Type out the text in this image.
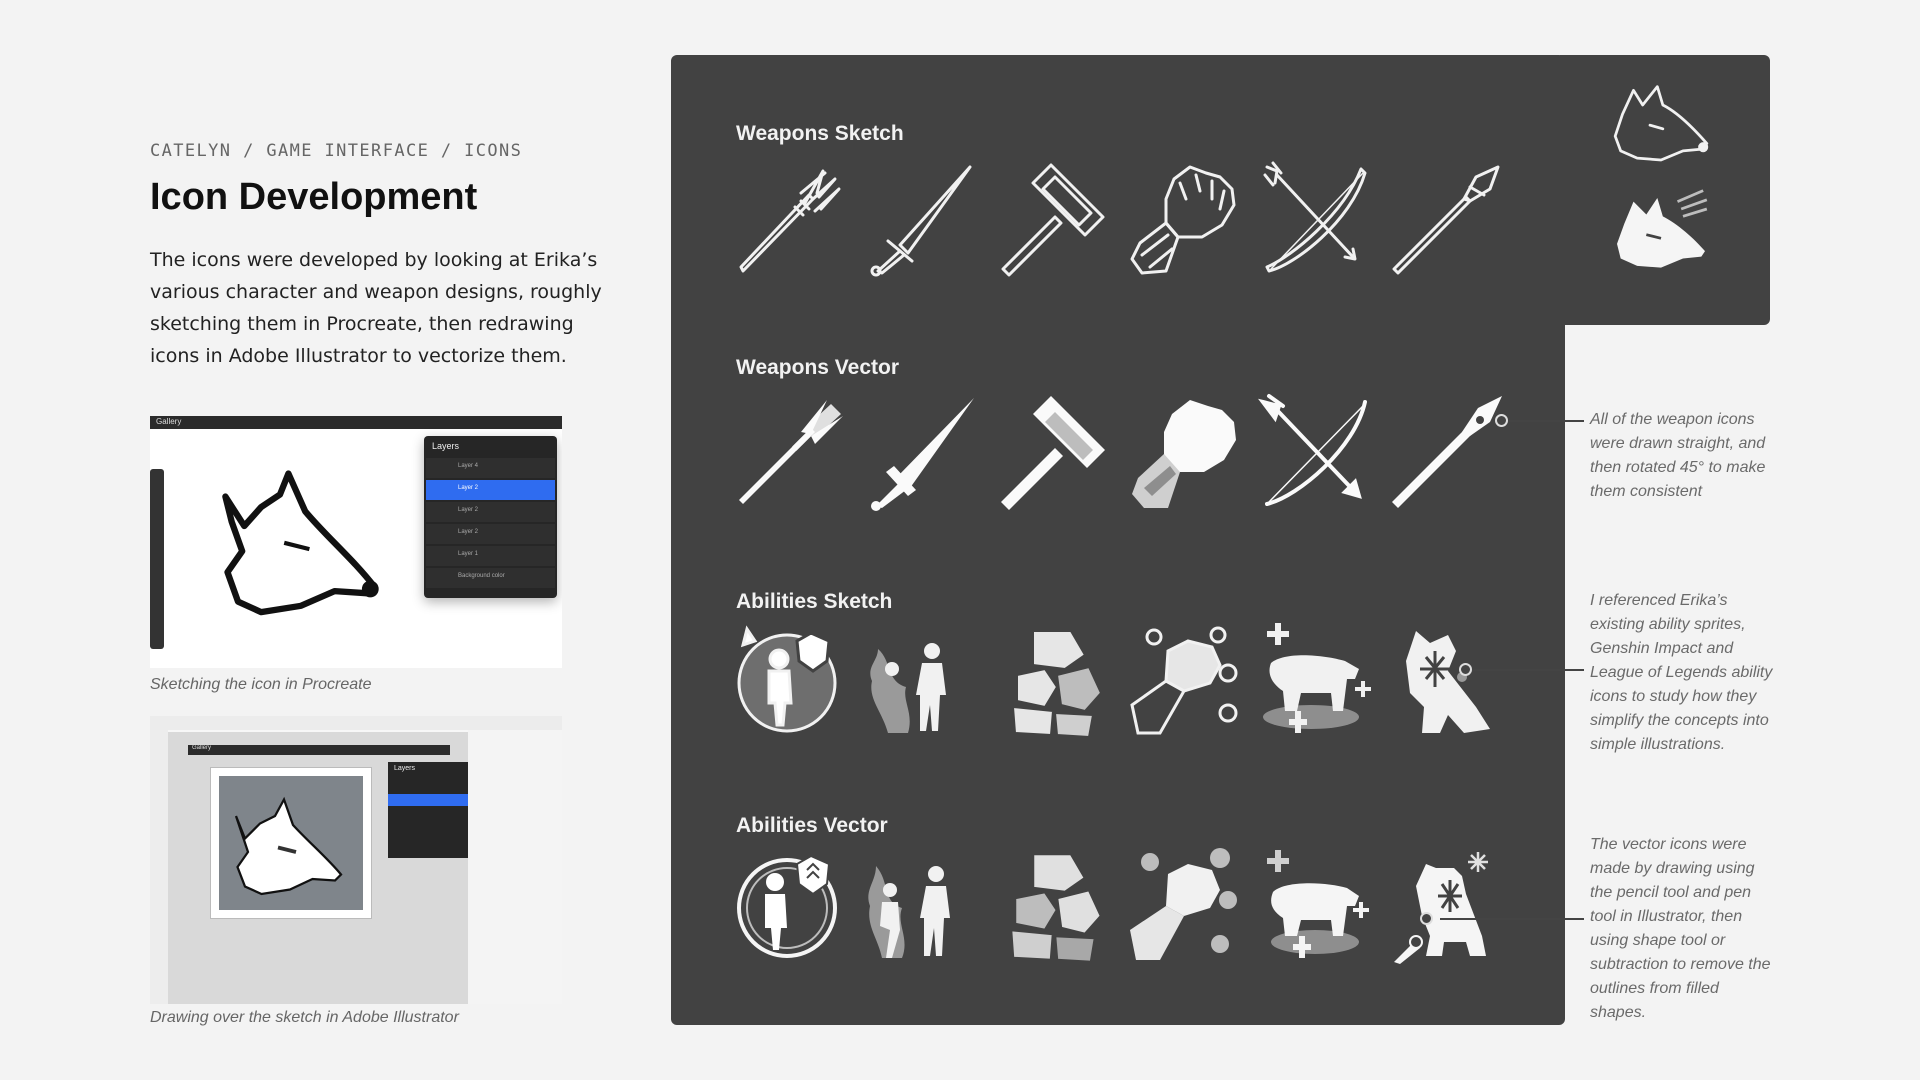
CATELYN / GAME INTERFACE / ICONS
Icon Development
The icons were developed by looking at Erika’s various character and weapon designs, roughly sketching them in Procreate, then redrawing icons in Adobe Illustrator to vectorize them.
Gallery
Layers
Layer 4
Layer 2
Layer 2
Layer 2
Layer 1
Background color
Sketching the icon in Procreate
Gallery
Layers
Drawing over the sketch in Adobe Illustrator
Weapons Sketch
Weapons Vector
Abilities Sketch
Abilities Vector
All of the weapon icons were drawn straight, and then rotated 45° to make them consistent
I referenced Erika’s existing ability sprites, Genshin Impact and League of Legends ability icons to study how they simplify the concepts into simple illustrations.
The vector icons were made by drawing using the pencil tool and pen tool in Illustrator, then using shape tool or subtraction to remove the outlines from filled shapes.
